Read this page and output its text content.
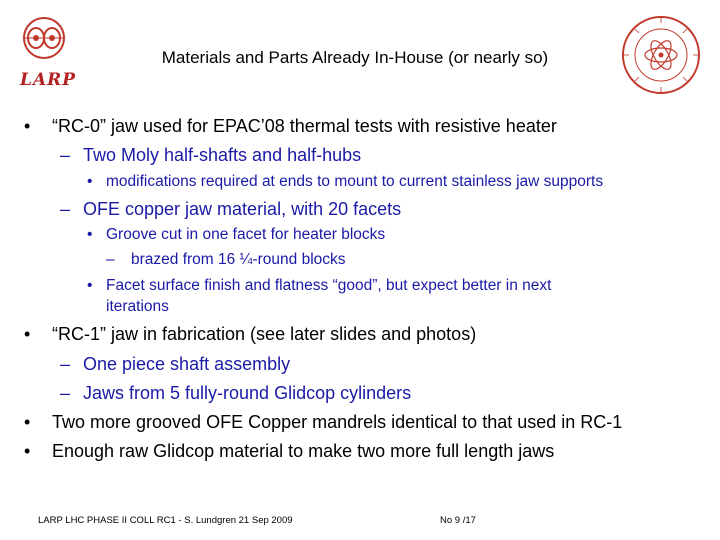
LARP
Materials and Parts Already In-House (or nearly so)
• “RC-0” jaw used for EPAC’08 thermal tests with resistive heater
– Two Moly half-shafts and half-hubs
• modifications required at ends to mount to current stainless jaw supports
– OFE copper jaw material, with 20 facets
• Groove cut in one facet for heater blocks
– brazed from 16 ¼-round blocks
• Facet surface finish and flatness “good”, but expect better in next
iterations
• “RC-1” jaw in fabrication (see later slides and photos)
– One piece shaft assembly
– Jaws from 5 fully-round Glidcop cylinders
• Two more grooved OFE Copper mandrels identical to that used in RC-1
• Enough raw Glidcop material to make two more full length jaws
LARP LHC PHASE II COLL RC1 - S. Lundgren 21 Sep 2009	No 9 /17
